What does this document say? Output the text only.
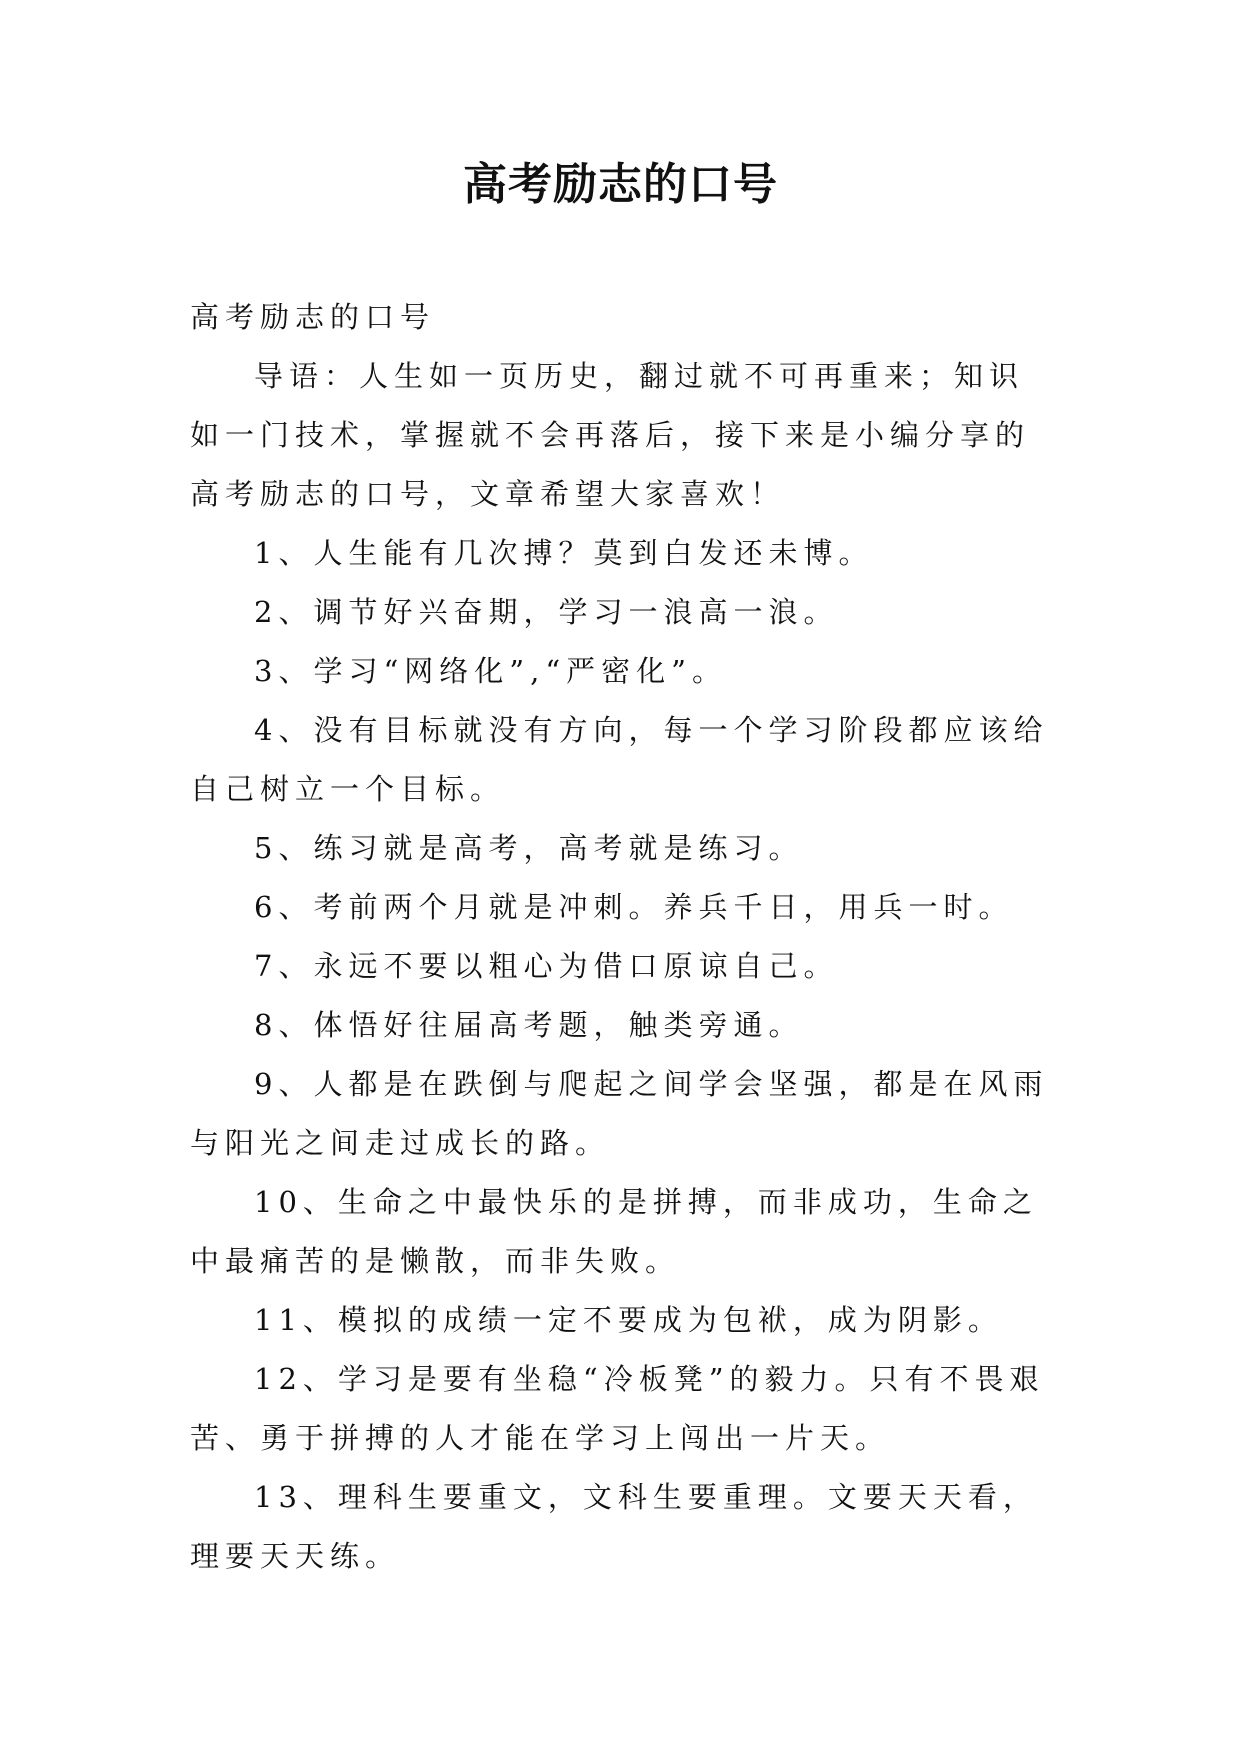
高考励志的口号

高考励志的口号

导语：人生如一页历史，翻过就不可再重来；知识如一门技术，掌握就不会再落后，接下来是小编分享的高考励志的口号，文章希望大家喜欢！

1、人生能有几次搏？莫到白发还未博。

2、调节好兴奋期，学习一浪高一浪。

3、学习“网络化”,“严密化”。

4、没有目标就没有方向，每一个学习阶段都应该给自己树立一个目标。

5、练习就是高考，高考就是练习。

6、考前两个月就是冲刺。养兵千日，用兵一时。

7、永远不要以粗心为借口原谅自己。

8、体悟好往届高考题，触类旁通。

9、人都是在跌倒与爬起之间学会坚强，都是在风雨与阳光之间走过成长的路。

10、生命之中最快乐的是拼搏，而非成功，生命之中最痛苦的是懒散，而非失败。

11、模拟的成绩一定不要成为包袱，成为阴影。

12、学习是要有坐稳“冷板凳”的毅力。只有不畏艰苦、勇于拼搏的人才能在学习上闯出一片天。

13、理科生要重文，文科生要重理。文要天天看，理要天天练。
